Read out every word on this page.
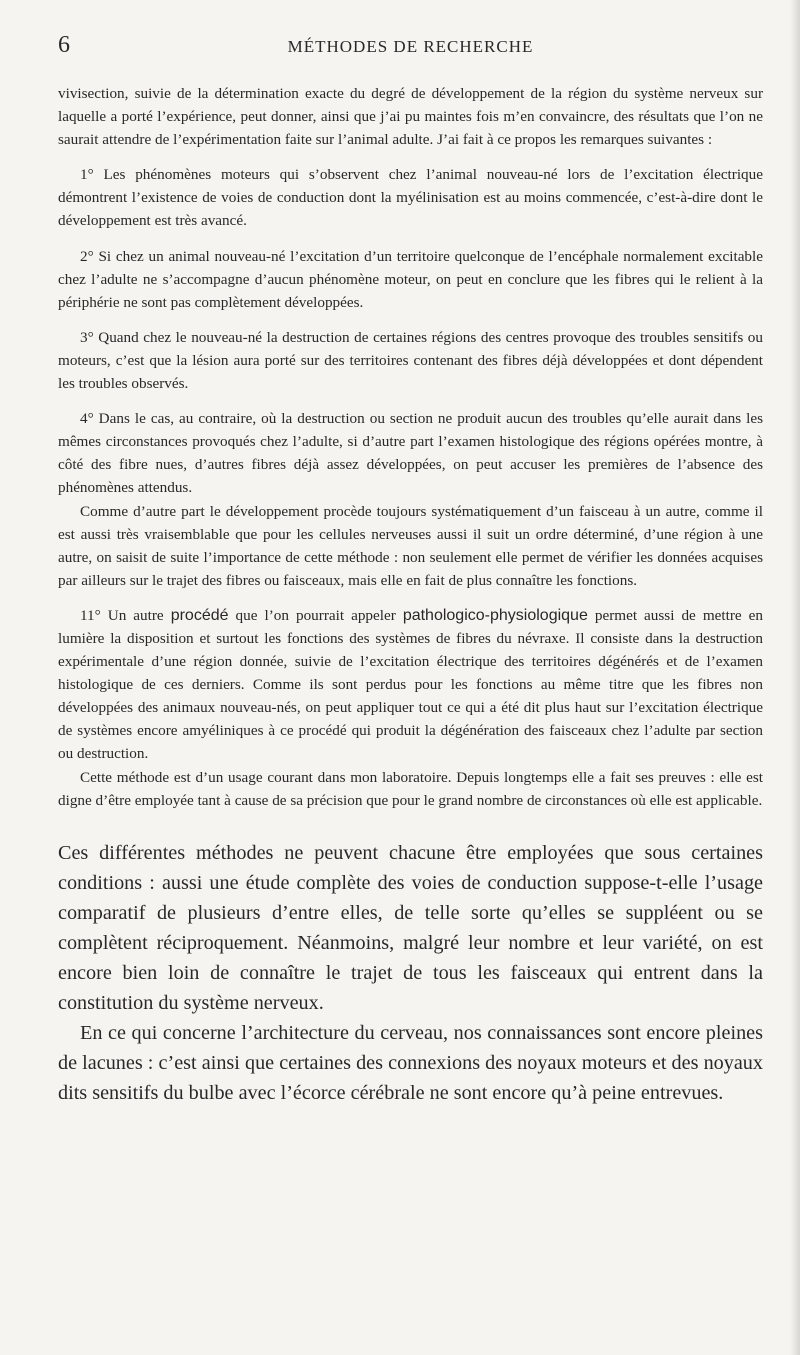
6	MÉTHODES DE RECHERCHE

vivisection, suivie de la détermination exacte du degré de développement de la région du système nerveux sur laquelle a porté l’expérience, peut donner, ainsi que j’ai pu maintes fois m’en convaincre, des résultats que l’on ne saurait attendre de l’expérimentation faite sur l’animal adulte. J’ai fait à ce propos les remarques suivantes :

1° Les phénomènes moteurs qui s’observent chez l’animal nouveau-né lors de l’excitation électrique démontrent l’existence de voies de conduction dont la myélinisation est au moins commencée, c’est-à-dire dont le développement est très avancé.

2° Si chez un animal nouveau-né l’excitation d’un territoire quelconque de l’encéphale normalement excitable chez l’adulte ne s’accompagne d’aucun phénomène moteur, on peut en conclure que les fibres qui le relient à la périphérie ne sont pas complètement développées.

3° Quand chez le nouveau-né la destruction de certaines régions des centres provoque des troubles sensitifs ou moteurs, c’est que la lésion aura porté sur des territoires contenant des fibres déjà développées et dont dépendent les troubles observés.

4° Dans le cas, au contraire, où la destruction ou section ne produit aucun des troubles qu’elle aurait dans les mêmes circonstances provoqués chez l’adulte, si d’autre part l’examen histologique des régions opérées montre, à côté des fibre nues, d’autres fibres déjà assez développées, on peut accuser les premières de l’absence des phénomènes attendus.

Comme d’autre part le développement procède toujours systématiquement d’un faisceau à un autre, comme il est aussi très vraisemblable que pour les cellules nerveuses aussi il suit un ordre déterminé, d’une région à une autre, on saisit de suite l’importance de cette méthode : non seulement elle permet de vérifier les données acquises par ailleurs sur le trajet des fibres ou faisceaux, mais elle en fait de plus connaître les fonctions.

11° Un autre procédé que l’on pourrait appeler pathologico-physiologique permet aussi de mettre en lumière la disposition et surtout les fonctions des systèmes de fibres du névraxe. Il consiste dans la destruction expérimentale d’une région donnée, suivie de l’excitation électrique des territoires dégénérés et de l’examen histologique de ces derniers. Comme ils sont perdus pour les fonctions au même titre que les fibres non développées des animaux nouveau-nés, on peut appliquer tout ce qui a été dit plus haut sur l’excitation électrique de systèmes encore amyéliniques à ce procédé qui produit la dégénération des faisceaux chez l’adulte par section ou destruction.

Cette méthode est d’un usage courant dans mon laboratoire. Depuis longtemps elle a fait ses preuves : elle est digne d’être employée tant à cause de sa précision que pour le grand nombre de circonstances où elle est applicable.

Ces différentes méthodes ne peuvent chacune être employées que sous certaines conditions : aussi une étude complète des voies de conduction suppose-t-elle l’usage comparatif de plusieurs d’entre elles, de telle sorte qu’elles se suppléent ou se complètent réciproquement. Néanmoins, malgré leur nombre et leur variété, on est encore bien loin de connaître le trajet de tous les faisceaux qui entrent dans la constitution du système nerveux.

En ce qui concerne l’architecture du cerveau, nos connaissances sont encore pleines de lacunes : c’est ainsi que certaines des connexions des noyaux moteurs et des noyaux dits sensitifs du bulbe avec l’écorce cérébrale ne sont encore qu’à peine entrevues.
